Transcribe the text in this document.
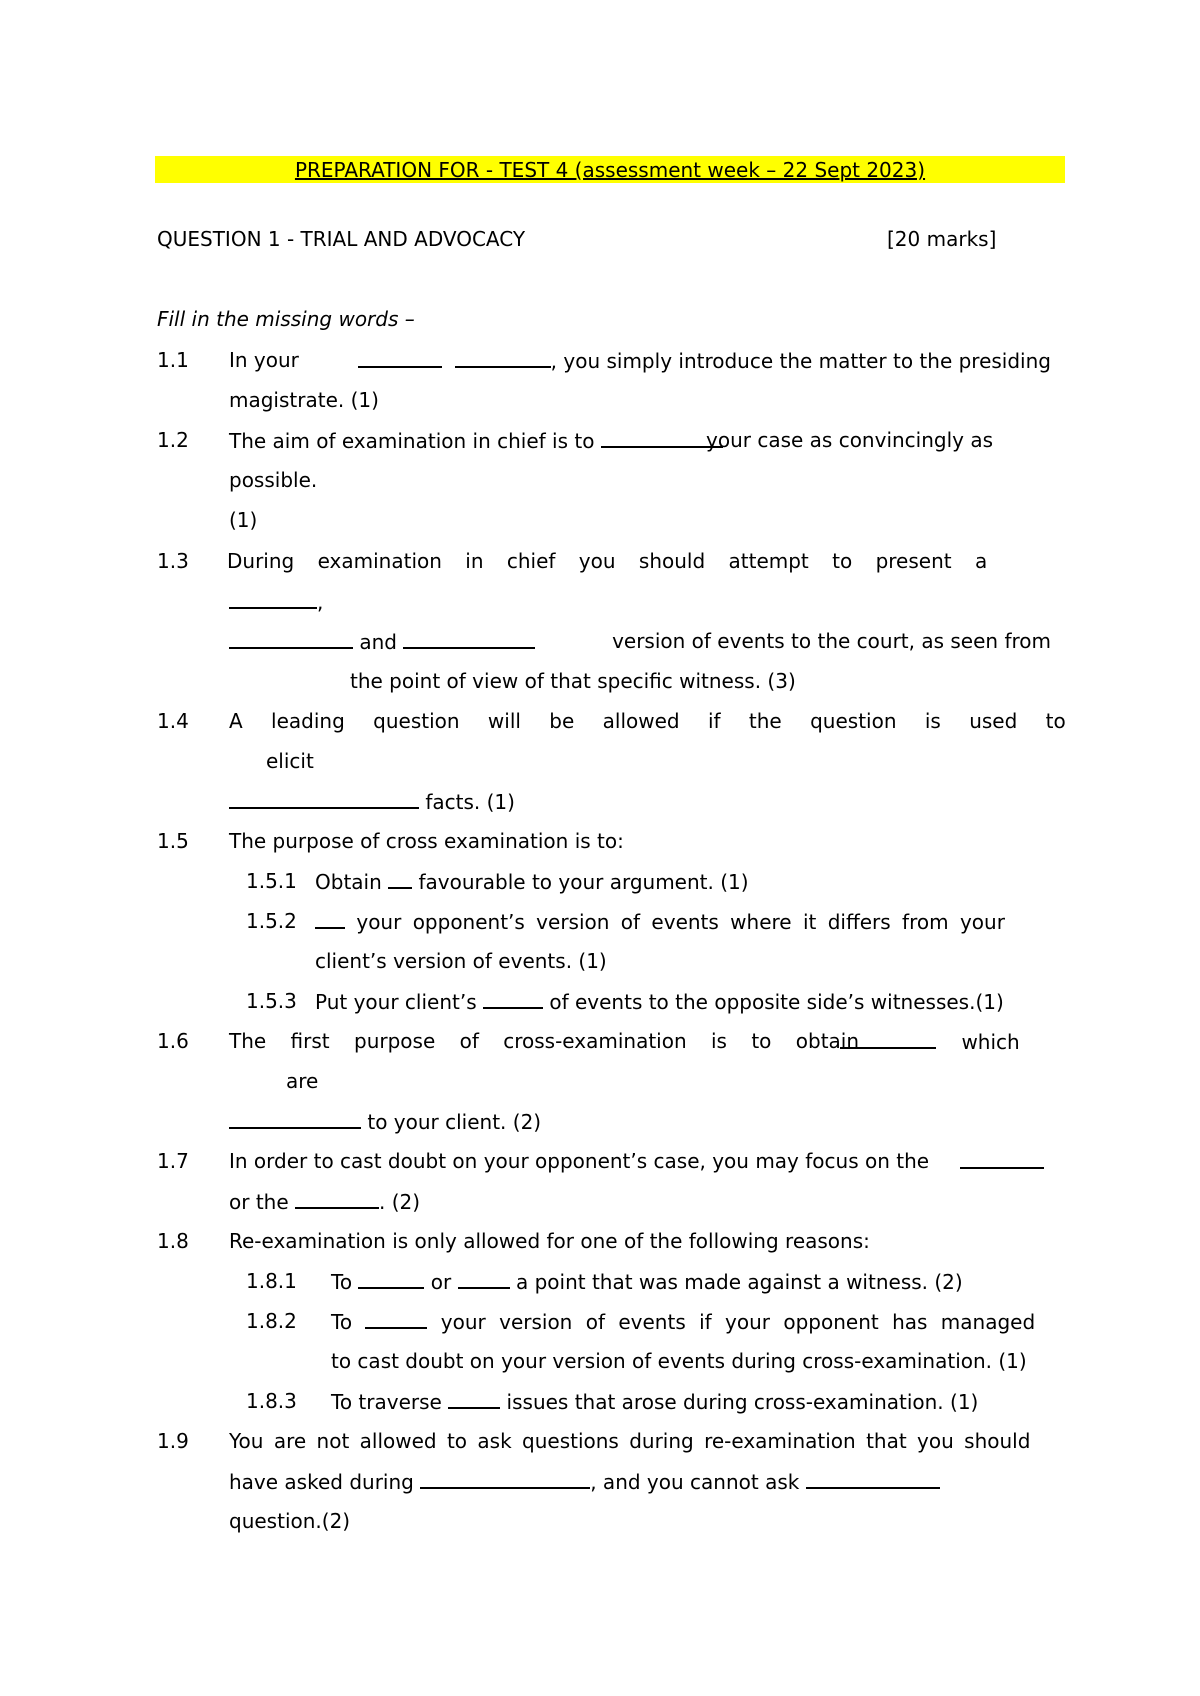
PREPARATION FOR - TEST 4 (assessment week – 22 Sept 2023)
QUESTION 1 - TRIAL AND ADVOCACY	[20 marks]
Fill in the missing words –
1.1 In your	, you simply introduce the matter to the presiding
magistrate. (1)
1.2 The aim of examination in chief is to	your case as convincingly as
possible.
(1)
1.3 During examination in chief you should attempt to present a
,
and	version of events to the court, as seen from
the point of view of that specific witness. (3)
1.4 A leading question will be allowed if the question is used to
elicit
facts. (1)
1.5 The purpose of cross examination is to:
1.5.1 Obtain favourable to your argument. (1)
1.5.2	your opponent’s version of events where it differs from your
client’s version of events. (1)
1.5.3 Put your client’s	of events to the opposite side’s witnesses.(1)
1.6 The first purpose of cross-examination is to obtain	which
are
to your client. (2)
1.7 In order to cast doubt on your opponent’s case, you may focus on the
or the	. (2)
1.8 Re-examination is only allowed for one of the following reasons:
1.8.1 To	or	a point that was made against a witness. (2)
1.8.2 To	your version of events if your opponent has managed
to cast doubt on your version of events during cross-examination. (1)
1.8.3 To traverse	issues that arose during cross-examination. (1)
1.9 You are not allowed to ask questions during re-examination that you should
have asked during	, and you cannot ask
question.(2)
